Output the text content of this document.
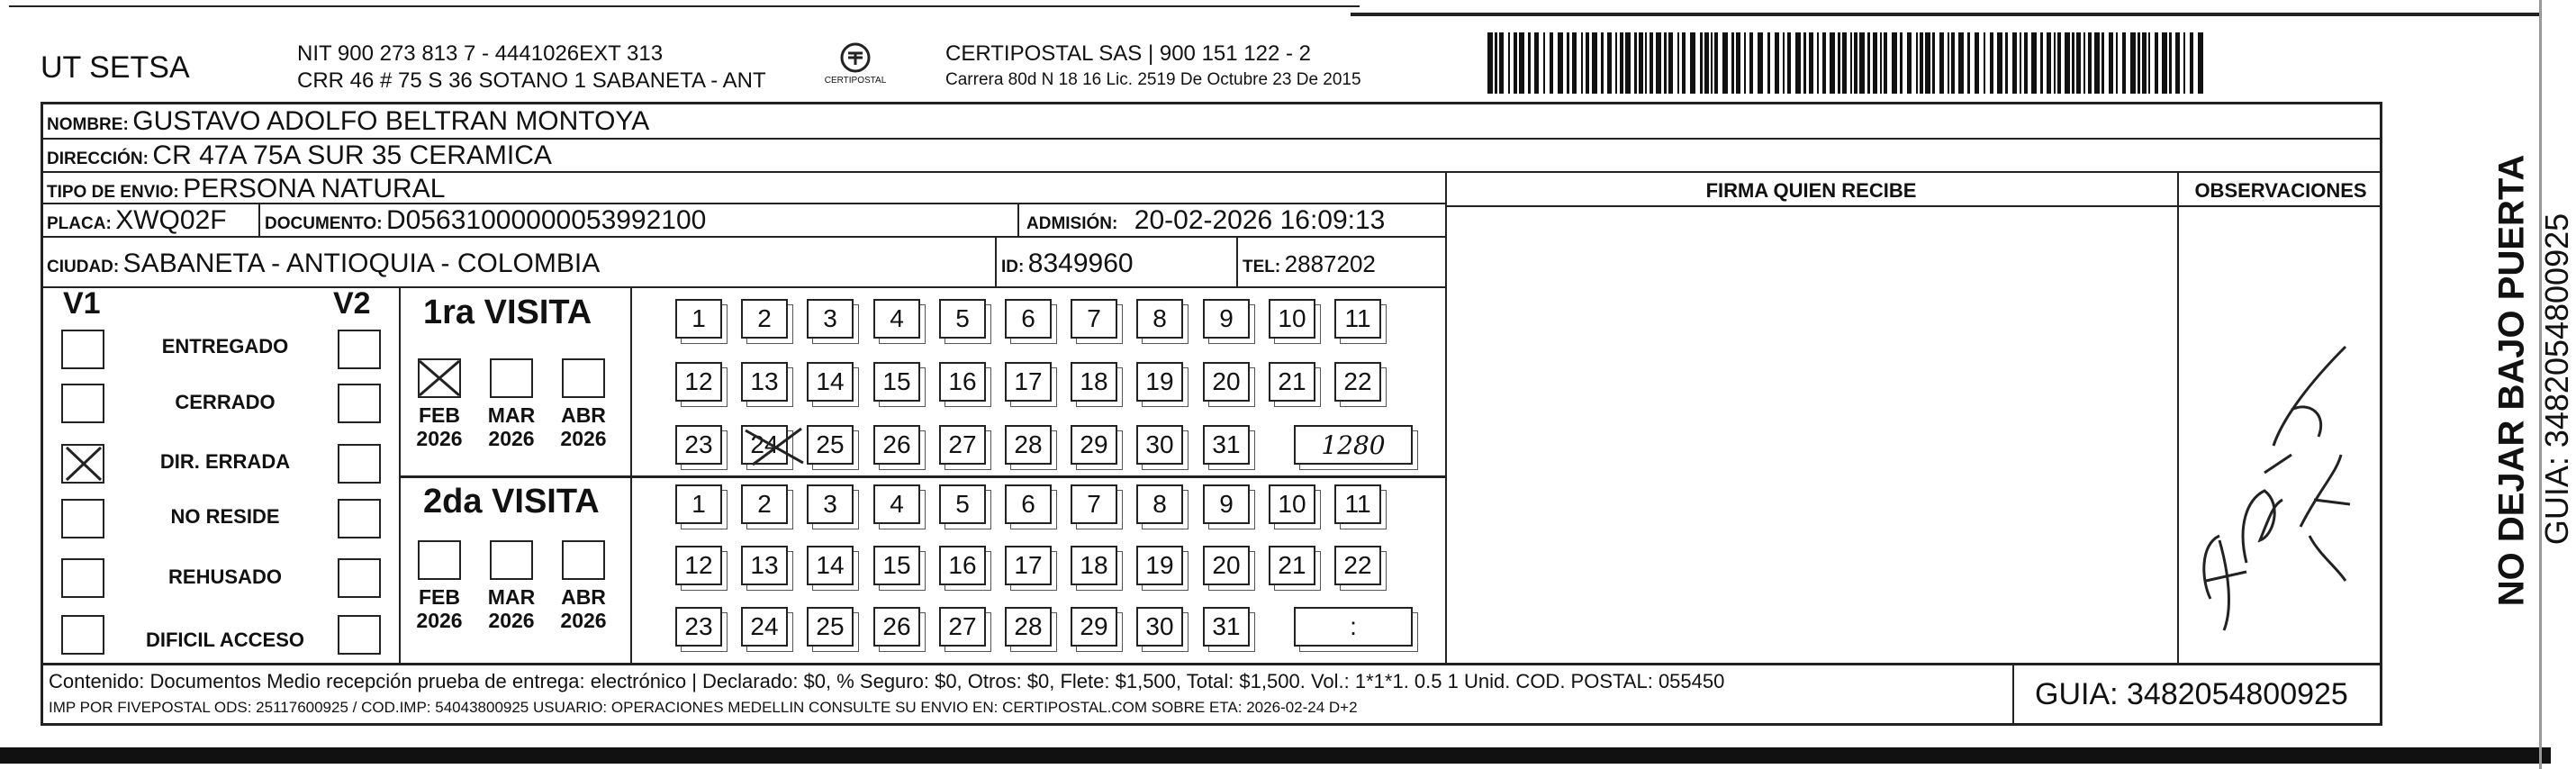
UT SETSA	NIT 900 273 813 7 - 4441026EXT 313
CRR 46 # 75 S 36 SOTANO 1 SABANETA - ANT	CERTIPOSTAL
CERTIPOSTAL SAS | 900 151 122 - 2
Carrera 80d N 18 16 Lic. 2519 De Octubre 23 De 2015
NOMBRE: GUSTAVO ADOLFO BELTRAN MONTOYA
DIRECCIÓN: CR 47A 75A SUR 35 CERAMICA
TIPO DE ENVIO: PERSONA NATURAL
PLACA: XWQ02F DOCUMENTO: D05631000000053992100	ADMISIÓN: 20-02-2026 16:09:13
CIUDAD: SABANETA - ANTIOQUIA - COLOMBIA	ID: 8349960	TEL: 2887202
FIRMA QUIEN RECIBE	OBSERVACIONES
V1	V2
ENTREGADO
CERRADO
DIR. ERRADA
NO RESIDE
REHUSADO
DIFICIL ACCESO
1ra VISITA
FEB
2026
MAR
2026
ABR
2026
2da VISITA
FEB
2026
MAR
2026
ABR
2026
1	2	3	4	5	6	7	8	9	10	11
12	13	14	15	16	17	18	19	20	21	22
23	24	25	26	27	28	29	30	31
1	2	3	4	5	6	7	8	9	10	11
12	13	14	15	16	17	18	19	20	21	22
23	24	25	26	27	28	29	30	31
1280
:
Contenido: Documentos Medio recepción prueba de entrega: electrónico | Declarado: $0, % Seguro: $0, Otros: $0, Flete: $1,500, Total: $1,500. Vol.: 1*1*1. 0.5 1 Unid. COD. POSTAL: 055450
IMP POR FIVEPOSTAL ODS: 25117600925 / COD.IMP: 54043800925 USUARIO: OPERACIONES MEDELLIN CONSULTE SU ENVIO EN: CERTIPOSTAL.COM SOBRE ETA: 2026-02-24 D+2	GUIA: 3482054800925
NO DEJAR BAJO PUERTA GUIA: 3482054800925
